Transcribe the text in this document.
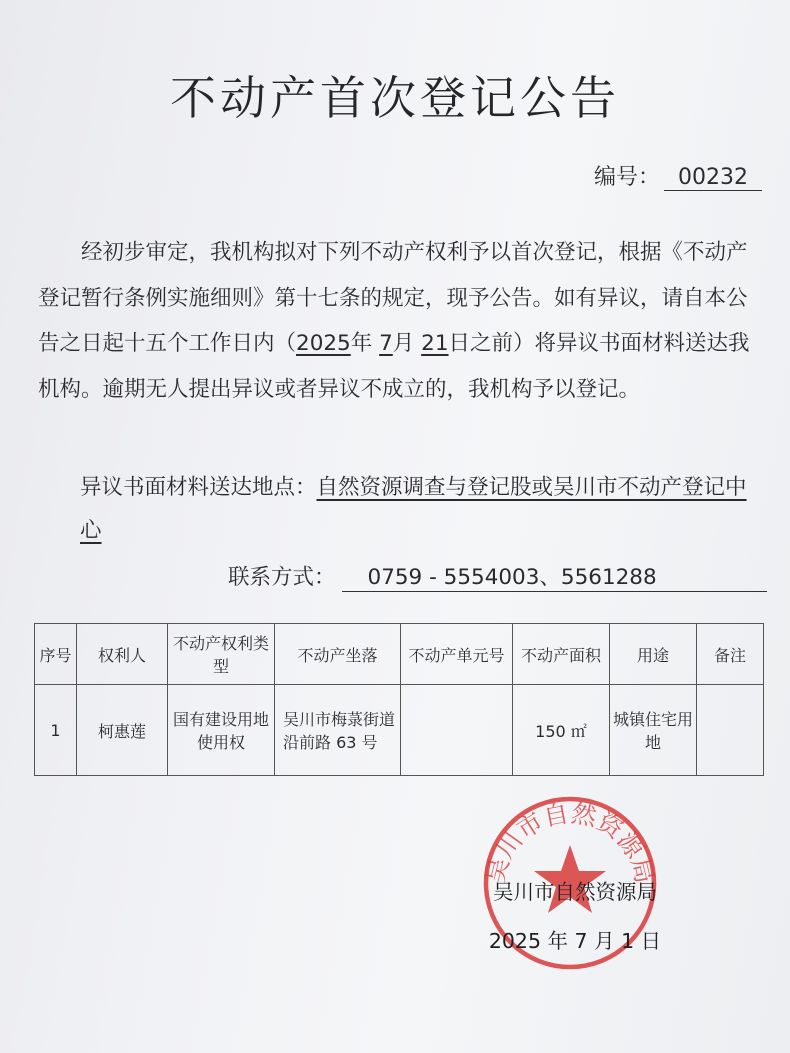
不动产首次登记公告
编号： 00232
经初步审定，我机构拟对下列不动产权利予以首次登记，根据《不动产登记暂行条例实施细则》第十七条的规定，现予公告。如有异议，请自本公告之日起十五个工作日内（2025年 7月 21日之前）将异议书面材料送达我机构。逾期无人提出异议或者异议不成立的，我机构予以登记。
异议书面材料送达地点：自然资源调查与登记股或吴川市不动产登记中心
联系方式： 0759 - 5554003、5561288
序号	权利人	不动产权利类型	不动产坐落	不动产单元号	不动产面积	用途	备注
1	柯惠莲	国有建设用地使用权	吴川市梅菉街道沿前路 63 号		150 ㎡	城镇住宅用地	
吴川市自然资源局
吴川市自然资源局
2025 年 7 月 1 日
